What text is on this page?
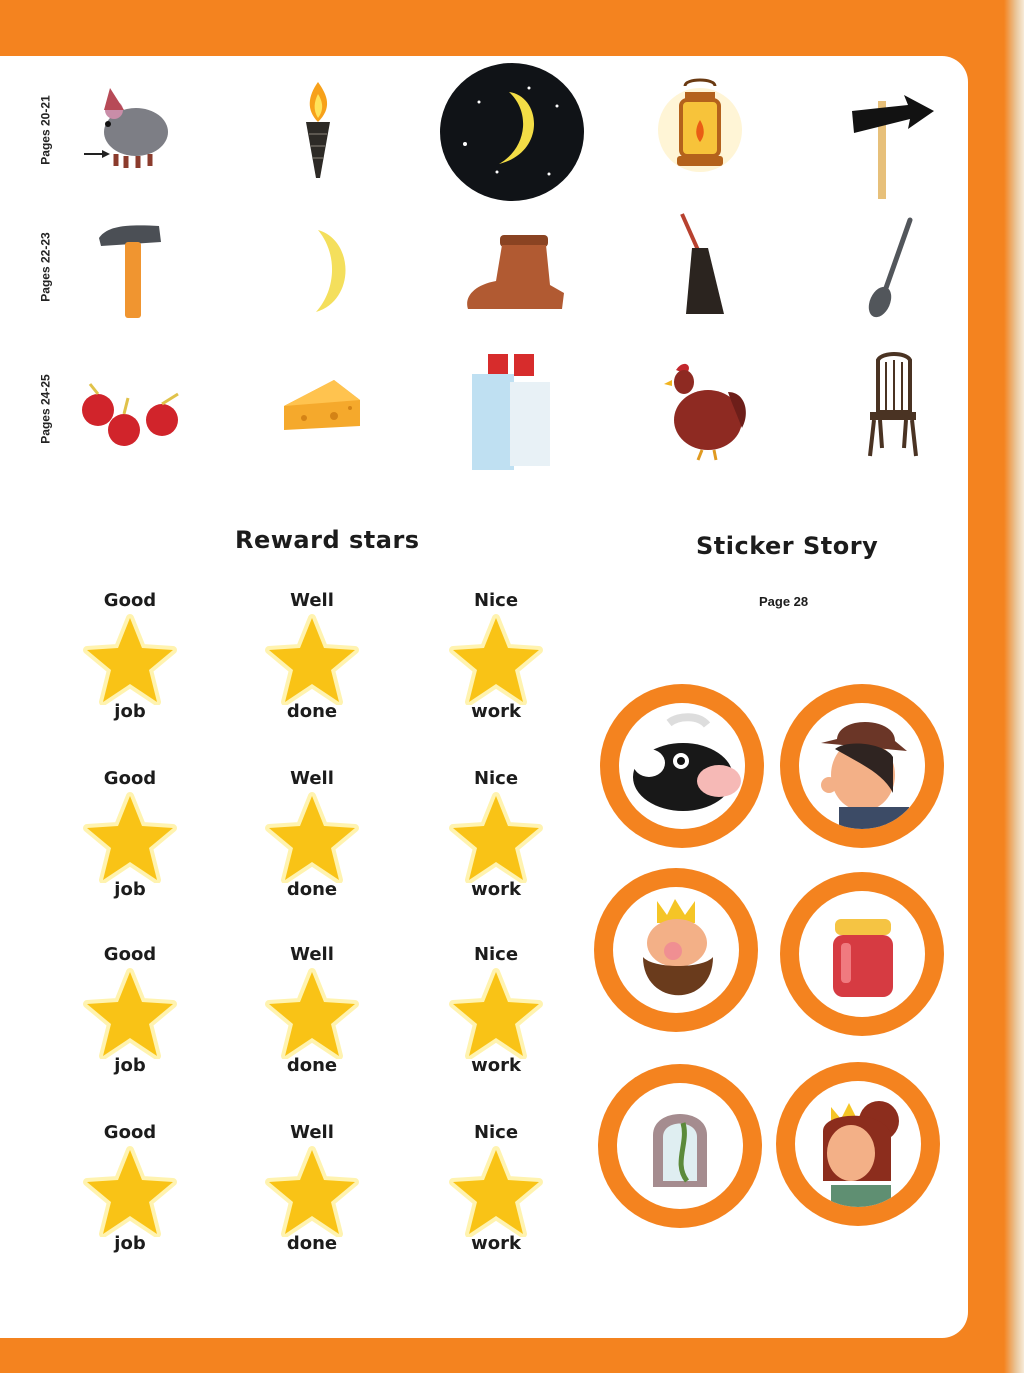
Pages 20-21
Pages 22-23
Pages 24-25
Reward stars	Sticker Story
Page 28
Good
job
Well
done
Nice
work
Good
job
Well
done
Nice
work
Good
job
Well
done
Nice
work
Good
job
Well
done
Nice
work
